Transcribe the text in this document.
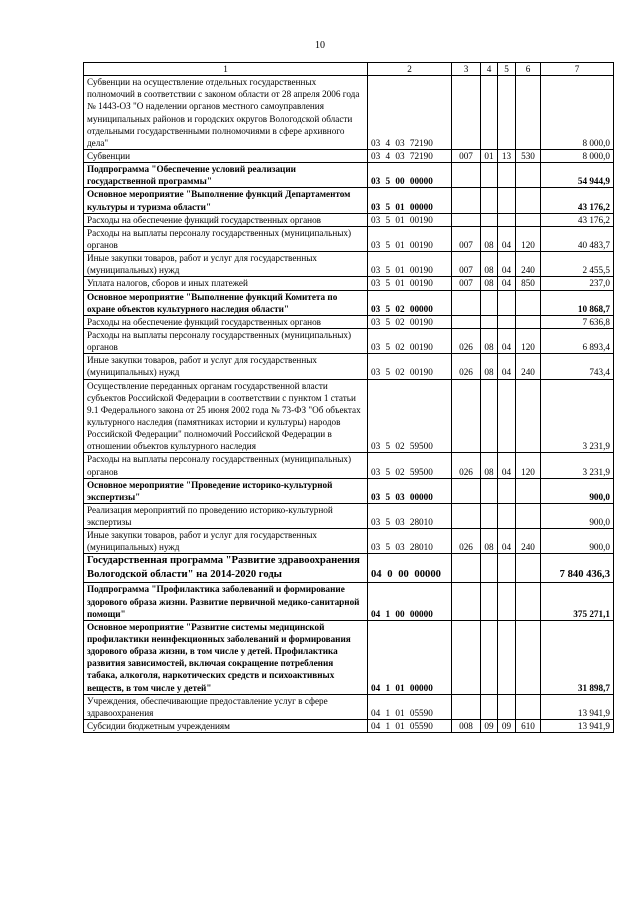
10
1	2	3	4	5	6	7
Субвенции на осуществление отдельных государственных полномочий в соответствии с законом области от 28 апреля 2006 года № 1443-ОЗ "О наделении органов местного самоуправления муниципальных районов и городских округов Вологодской области отдельными государственными полномочиями в сфере архивного дела"	03 4 03 72190					8 000,0
Субвенции	03 4 03 72190	007	01	13	530	8 000,0
Подпрограмма "Обеспечение условий реализации государственной программы"	03 5 00 00000					54 944,9
Основное мероприятие "Выполнение функций Департаментом культуры и туризма области"	03 5 01 00000					43 176,2
Расходы на обеспечение функций государственных органов	03 5 01 00190					43 176,2
Расходы на выплаты персоналу государственных (муниципальных) органов	03 5 01 00190	007	08	04	120	40 483,7
Иные закупки товаров, работ и услуг для государственных (муниципальных) нужд	03 5 01 00190	007	08	04	240	2 455,5
Уплата налогов, сборов и иных платежей	03 5 01 00190	007	08	04	850	237,0
Основное мероприятие "Выполнение функций Комитета по охране объектов культурного наследия области"	03 5 02 00000					10 868,7
Расходы на обеспечение функций государственных органов	03 5 02 00190					7 636,8
Расходы на выплаты персоналу государственных (муниципальных) органов	03 5 02 00190	026	08	04	120	6 893,4
Иные закупки товаров, работ и услуг для государственных (муниципальных) нужд	03 5 02 00190	026	08	04	240	743,4
Осуществление переданных органам государственной власти субъектов Российской Федерации в соответствии с пунктом 1 статьи 9.1 Федерального закона от 25 июня 2002 года № 73-ФЗ "Об объектах культурного наследия (памятниках истории и культуры) народов Российской Федерации" полномочий Российской Федерации в отношении объектов культурного наследия	03 5 02 59500					3 231,9
Расходы на выплаты персоналу государственных (муниципальных) органов	03 5 02 59500	026	08	04	120	3 231,9
Основное мероприятие "Проведение историко-культурной экспертизы"	03 5 03 00000					900,0
Реализация мероприятий по проведению историко-культурной экспертизы	03 5 03 28010					900,0
Иные закупки товаров, работ и услуг для государственных (муниципальных) нужд	03 5 03 28010	026	08	04	240	900,0
Государственная программа "Развитие здравоохранения Вологодской области" на 2014-2020 годы	04 0 00 00000					7 840 436,3
Подпрограмма "Профилактика заболеваний и формирование здорового образа жизни. Развитие первичной медико-санитарной помощи"	04 1 00 00000					375 271,1
Основное мероприятие "Развитие системы медицинской профилактики неинфекционных заболеваний и формирования здорового образа жизни, в том числе у детей. Профилактика развития зависимостей, включая сокращение потребления табака, алкоголя, наркотических средств и психоактивных веществ, в том числе у детей"	04 1 01 00000					31 898,7
Учреждения, обеспечивающие предоставление услуг в сфере здравоохранения	04 1 01 05590					13 941,9
Субсидии бюджетным учреждениям	04 1 01 05590	008	09	09	610	13 941,9
